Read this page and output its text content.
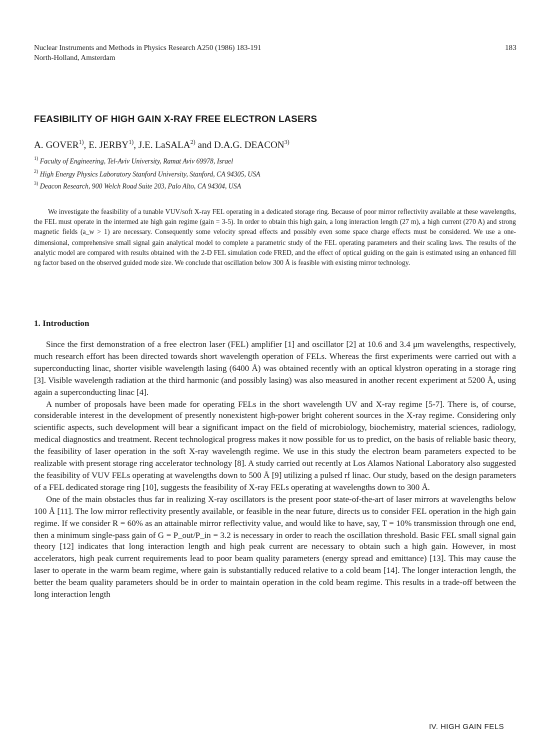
Nuclear Instruments and Methods in Physics Research A250 (1986) 183-191
North-Holland, Amsterdam
183
FEASIBILITY OF HIGH GAIN X-RAY FREE ELECTRON LASERS
A. GOVER$^{1)}$, E. JERBY$^{1)}$, J.E. LaSALA$^{2)}$ and D.A.G. DEACON$^{3)}$
$^{1)}$ Faculty of Engineering, Tel-Aviv University, Ramat Aviv 69978, Israel
$^{2)}$ High Energy Physics Laboratory Stanford University, Stanford, CA 94305, USA
$^{3)}$ Deacon Research, 900 Welch Road Suite 203, Palo Alto, CA 94304, USA

We investigate the feasibility of a tunable VUV/soft X-ray FEL operating in a dedicated storage ring. Because of poor mirror reflectivity available at these wavelengths, the FEL must operate in the intermed ate high gain regime (gain = 3-5). In order to obtain this high gain, a long interaction length (27 m), a high current (270 A) and strong magnetic fields (a_w > 1) are necessary. Consequently some velocity spread effects and possibly even some space charge effects must be considered. We use a one-dimensional, comprehensive small signal gain analytical model to complete a parametric study of the FEL operating parameters and their scaling laws. The results of the analytic model are compared with results obtained with the 2-D FEL simulation code FRED, and the effect of optical guiding on the gain is estimated using an enhanced fill ng factor based on the observed guided mode size. We conclude that oscillation below 300 Å is feasible with existing mirror technology.

1. Introduction

Since the first demonstration of a free electron laser (FEL) amplifier [1] and oscillator [2] at 10.6 and 3.4 μm wavelengths, respectively, much research effort has been directed towards short wavelength operation of FELs. Whereas the first experiments were carried out with a superconducting linac, shorter visible wavelength lasing (6400 Å) was obtained recently with an optical klystron operating in a storage ring [3]. Visible wavelength radiation at the third harmonic (and possibly lasing) was also measured in another recent experiment at 5200 Å, using again a superconducting linac [4].

A number of proposals have been made for operating FELs in the short wavelength UV and X-ray regime [5-7]. There is, of course, considerable interest in the development of presently nonexistent high-power bright coherent sources in the X-ray regime. Considering only scientific aspects, such development will bear a significant impact on the field of microbiology, biochemistry, material sciences, radiology, medical diagnostics and treatment. Recent technological progress makes it now possible for us to predict, on the basis of reliable basic theory, the feasibility of laser operation in the soft X-ray wavelength regime. We use in this study the electron beam parameters expected to be realizable with present storage ring accelerator technology [8]. A study carried out recently at Los Alamos National Laboratory also suggested the feasibility of VUV FELs operating at wavelengths down to 500 Å [9] utilizing a pulsed rf linac. Our study, based on the design parameters of a FEL dedicated storage ring [10], suggests the feasibility of X-ray FELs operating at wavelengths down to 300 Å.

One of the main obstacles thus far in realizing X-ray oscillators is the present poor state-of-the-art of laser mirrors at wavelengths below 100 Å [11]. The low mirror reflectivity presently available, or feasible in the near future, directs us to consider FEL operation in the high gain regime. If we consider R = 60% as an attainable mirror reflectivity value, and would like to have, say, T = 10% transmission through one end, then a minimum single-pass gain of G = P_out/P_in = 3.2 is necessary in order to reach the oscillation threshold. Basic FEL small signal gain theory [12] indicates that long interaction length and high peak current are necessary to obtain such a high gain. However, in most accelerators, high peak current requirements lead to poor beam quality parameters (energy spread and emittance) [13]. This may cause the laser to operate in the warm beam regime, where gain is substantially reduced relative to a cold beam [14]. The longer interaction length, the better the beam quality parameters should be in order to maintain operation in the cold beam regime. This results in a trade-off between the long interaction length

IV. HIGH GAIN FELS
